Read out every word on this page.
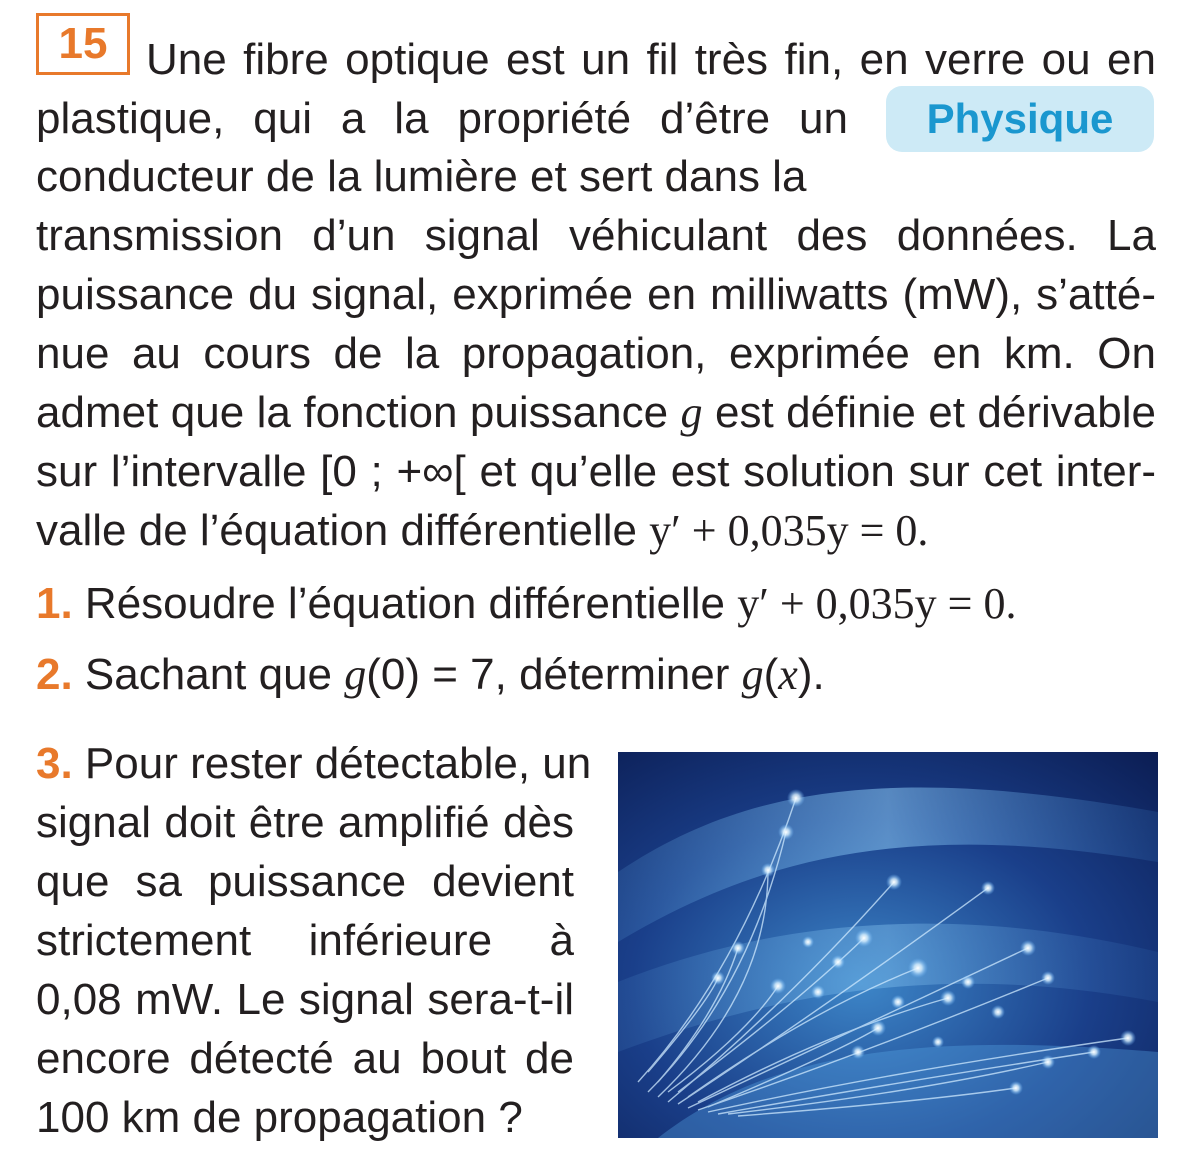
15
Physique
Une fibre optique est un fil très fin, en verre ou en
plastique, qui a la propriété d’être un
conducteur de la lumière et sert dans la
transmission d’un signal véhiculant des données. La
puissance du signal, exprimée en milliwatts (mW), s’atté-
nue au cours de la propagation, exprimée en km. On
admet que la fonction puissance g est définie et dérivable
sur l’intervalle [0 ; +∞[ et qu’elle est solution sur cet inter-
valle de l’équation différentielle y′ + 0,035y = 0.
1. Résoudre l’équation différentielle y′ + 0,035y = 0.
2. Sachant que g(0) = 7, déterminer g(x).
3. Pour rester détectable, un
signal doit être amplifié dès
que sa puissance devient
strictement inférieure à
0,08 mW. Le signal sera-t-il
encore détecté au bout de
100 km de propagation ?
